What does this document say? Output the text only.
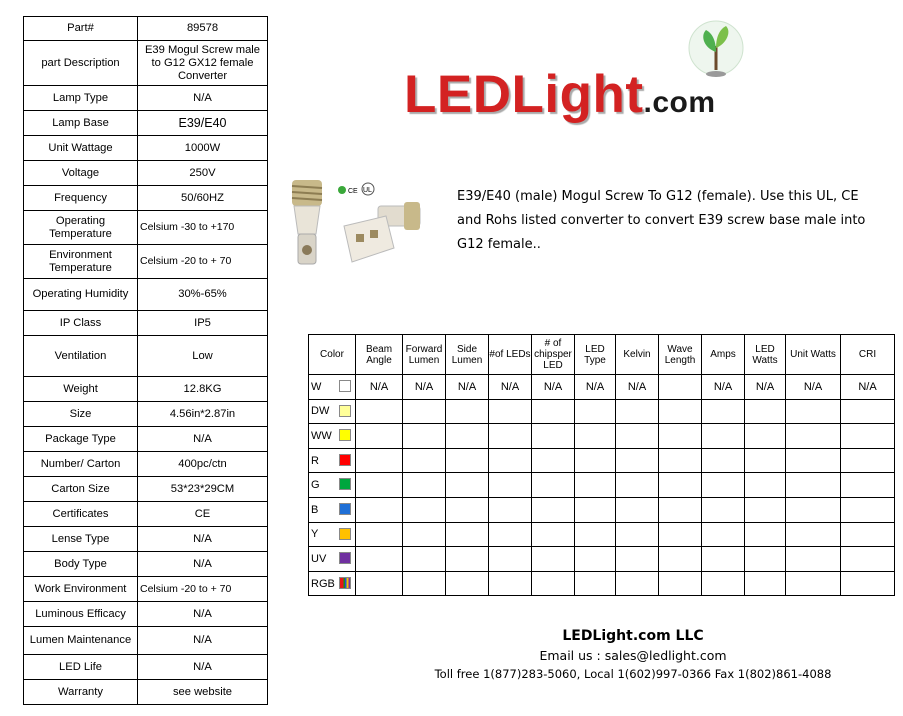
Part#	89578
part Description	E39 Mogul Screw male to G12 GX12 female Converter
Lamp Type	N/A
Lamp Base	E39/E40
Unit Wattage	1000W
Voltage	250V
Frequency	50/60HZ
Operating Temperature	Celsium -30 to +170
Environment Temperature	Celsium -20 to + 70
Operating Humidity	30%-65%
IP Class	IP5
Ventilation	Low
Weight	12.8KG
Size	4.56in*2.87in
Package Type	N/A
Number/ Carton	400pc/ctn
Carton Size	53*23*29CM
Certificates	CE
Lense Type	N/A
Body Type	N/A
Work Environment	Celsium -20 to + 70
Luminous Efficacy	N/A
Lumen Maintenance	N/A
LED Life	N/A
Warranty	see website
LEDLight.com
CE UL	E39/E40 (male) Mogul Screw To G12 (female). Use this UL, CE and Rohs listed converter to convert E39 screw base male into G12 female..
Color	Beam Angle	Forward Lumen	Side Lumen	#of LEDs	# of chipsper LED	LED Type	Kelvin	Wave Length	Amps	LED Watts	Unit Watts	CRI
W	N/A	N/A	N/A	N/A	N/A	N/A	N/A		N/A	N/A	N/A	N/A
DW

WW

R

G

B

Y

UV

RGB

LEDLight.com LLC
Email us : sales@ledlight.com
Toll free 1(877)283-5060, Local 1(602)997-0366 Fax 1(802)861-4088
